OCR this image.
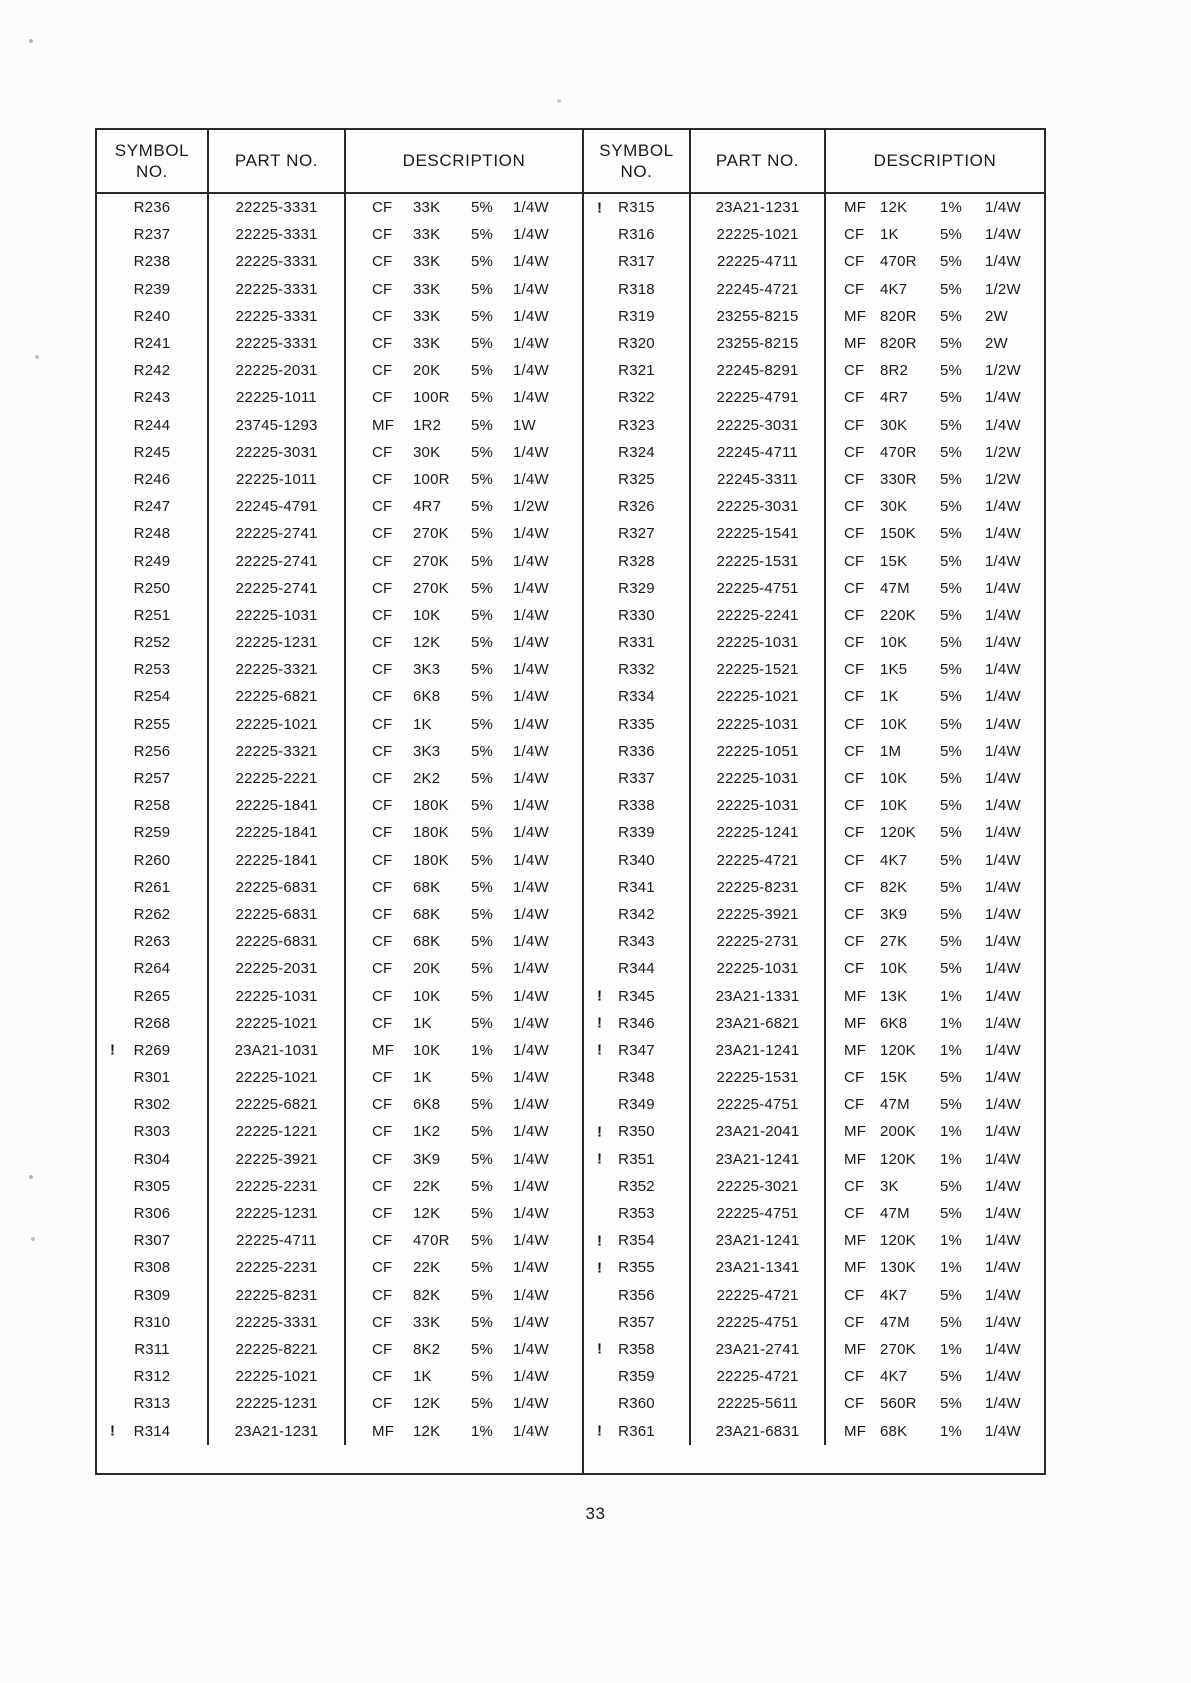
SYMBOL
NO.
PART NO.	DESCRIPTION
SYMBOL
NO.
PART NO.	DESCRIPTION
R236	22225-3331	CF	33K	5%	1/4W
R237	22225-3331	CF	33K	5%	1/4W
R238	22225-3331	CF	33K	5%	1/4W
R239	22225-3331	CF	33K	5%	1/4W
R240	22225-3331	CF	33K	5%	1/4W
R241	22225-3331	CF	33K	5%	1/4W
R242	22225-2031	CF	20K	5%	1/4W
R243	22225-1011	CF	100R	5%	1/4W
R244	23745-1293	MF	1R2	5%	1W
R245	22225-3031	CF	30K	5%	1/4W
R246	22225-1011	CF	100R	5%	1/4W
R247	22245-4791	CF	4R7	5%	1/2W
R248	22225-2741	CF	270K	5%	1/4W
R249	22225-2741	CF	270K	5%	1/4W
R250	22225-2741	CF	270K	5%	1/4W
R251	22225-1031	CF	10K	5%	1/4W
R252	22225-1231	CF	12K	5%	1/4W
R253	22225-3321	CF	3K3	5%	1/4W
R254	22225-6821	CF	6K8	5%	1/4W
R255	22225-1021	CF	1K	5%	1/4W
R256	22225-3321	CF	3K3	5%	1/4W
R257	22225-2221	CF	2K2	5%	1/4W
R258	22225-1841	CF	180K	5%	1/4W
R259	22225-1841	CF	180K	5%	1/4W
R260	22225-1841	CF	180K	5%	1/4W
R261	22225-6831	CF	68K	5%	1/4W
R262	22225-6831	CF	68K	5%	1/4W
R263	22225-6831	CF	68K	5%	1/4W
R264	22225-2031	CF	20K	5%	1/4W
R265	22225-1031	CF	10K	5%	1/4W
R268	22225-1021	CF	1K	5%	1/4W
! R269	23A21-1031	MF	10K	1%	1/4W
R301	22225-1021	CF	1K	5%	1/4W
R302	22225-6821	CF	6K8	5%	1/4W
R303	22225-1221	CF	1K2	5%	1/4W
R304	22225-3921	CF	3K9	5%	1/4W
R305	22225-2231	CF	22K	5%	1/4W
R306	22225-1231	CF	12K	5%	1/4W
R307	22225-4711	CF	470R	5%	1/4W
R308	22225-2231	CF	22K	5%	1/4W
R309	22225-8231	CF	82K	5%	1/4W
R310	22225-3331	CF	33K	5%	1/4W
R311	22225-8221	CF	8K2	5%	1/4W
R312	22225-1021	CF	1K	5%	1/4W
R313	22225-1231	CF	12K	5%	1/4W
! R314	23A21-1231	MF	12K	1%	1/4W
! R315	23A21-1231	MF 12K	1%	1/4W
R316	22225-1021	CF	1K	5%	1/4W
R317	22225-4711	CF	470R	5%	1/4W
R318	22245-4721	CF	4K7	5%	1/2W
R319	23255-8215	MF 820R	5%	2W
R320	23255-8215	MF 820R	5%	2W
R321	22245-8291	CF	8R2	5%	1/2W
R322	22225-4791	CF	4R7	5%	1/4W
R323	22225-3031	CF	30K	5%	1/4W
R324	22245-4711	CF	470R	5%	1/2W
R325	22245-3311	CF	330R	5%	1/2W
R326	22225-3031	CF	30K	5%	1/4W
R327	22225-1541	CF	150K	5%	1/4W
R328	22225-1531	CF	15K	5%	1/4W
R329	22225-4751	CF	47M	5%	1/4W
R330	22225-2241	CF	220K	5%	1/4W
R331	22225-1031	CF	10K	5%	1/4W
R332	22225-1521	CF	1K5	5%	1/4W
R334	22225-1021	CF	1K	5%	1/4W
R335	22225-1031	CF	10K	5%	1/4W
R336	22225-1051	CF	1M	5%	1/4W
R337	22225-1031	CF	10K	5%	1/4W
R338	22225-1031	CF	10K	5%	1/4W
R339	22225-1241	CF	120K	5%	1/4W
R340	22225-4721	CF	4K7	5%	1/4W
R341	22225-8231	CF	82K	5%	1/4W
R342	22225-3921	CF	3K9	5%	1/4W
R343	22225-2731	CF	27K	5%	1/4W
R344	22225-1031	CF	10K	5%	1/4W
! R345	23A21-1331	MF 13K	1%	1/4W
! R346	23A21-6821	MF 6K8	1%	1/4W
! R347	23A21-1241	MF 120K	1%	1/4W
R348	22225-1531	CF	15K	5%	1/4W
R349	22225-4751	CF	47M	5%	1/4W
! R350	23A21-2041	MF 200K	1%	1/4W
! R351	23A21-1241	MF 120K	1%	1/4W
R352	22225-3021	CF	3K	5%	1/4W
R353	22225-4751	CF	47M	5%	1/4W
! R354	23A21-1241	MF 120K	1%	1/4W
! R355	23A21-1341	MF 130K	1%	1/4W
R356	22225-4721	CF	4K7	5%	1/4W
R357	22225-4751	CF	47M	5%	1/4W
! R358	23A21-2741	MF 270K	1%	1/4W
R359	22225-4721	CF	4K7	5%	1/4W
R360	22225-5611	CF	560R	5%	1/4W
! R361	23A21-6831	MF 68K	1%	1/4W
33
